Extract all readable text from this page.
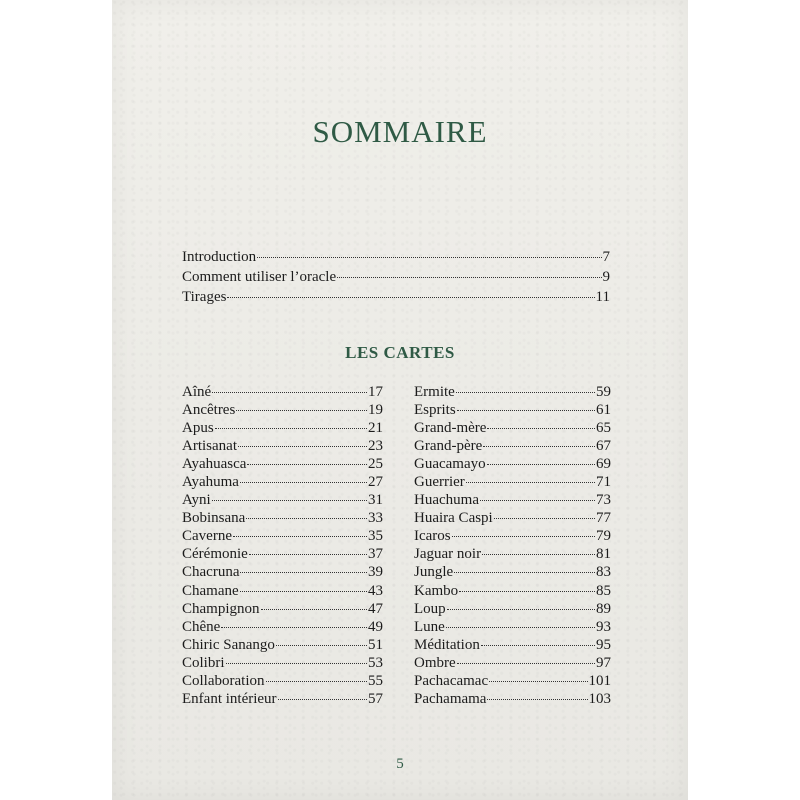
SOMMAIRE
Introduction	7
Comment utiliser l’oracle	9
Tirages	11
LES CARTES
Aîné	17
Ancêtres	19
Apus	21
Artisanat	23
Ayahuasca	25
Ayahuma	27
Ayni	31
Bobinsana	33
Caverne	35
Cérémonie	37
Chacruna	39
Chamane	43
Champignon	47
Chêne	49
Chiric Sanango	51
Colibri	53
Collaboration	55
Enfant intérieur	57
Ermite	59
Esprits	61
Grand-mère	65
Grand-père	67
Guacamayo	69
Guerrier	71
Huachuma	73
Huaira Caspi	77
Icaros	79
Jaguar noir	81
Jungle	83
Kambo	85
Loup	89
Lune	93
Méditation	95
Ombre	97
Pachacamac	101
Pachamama	103
5
